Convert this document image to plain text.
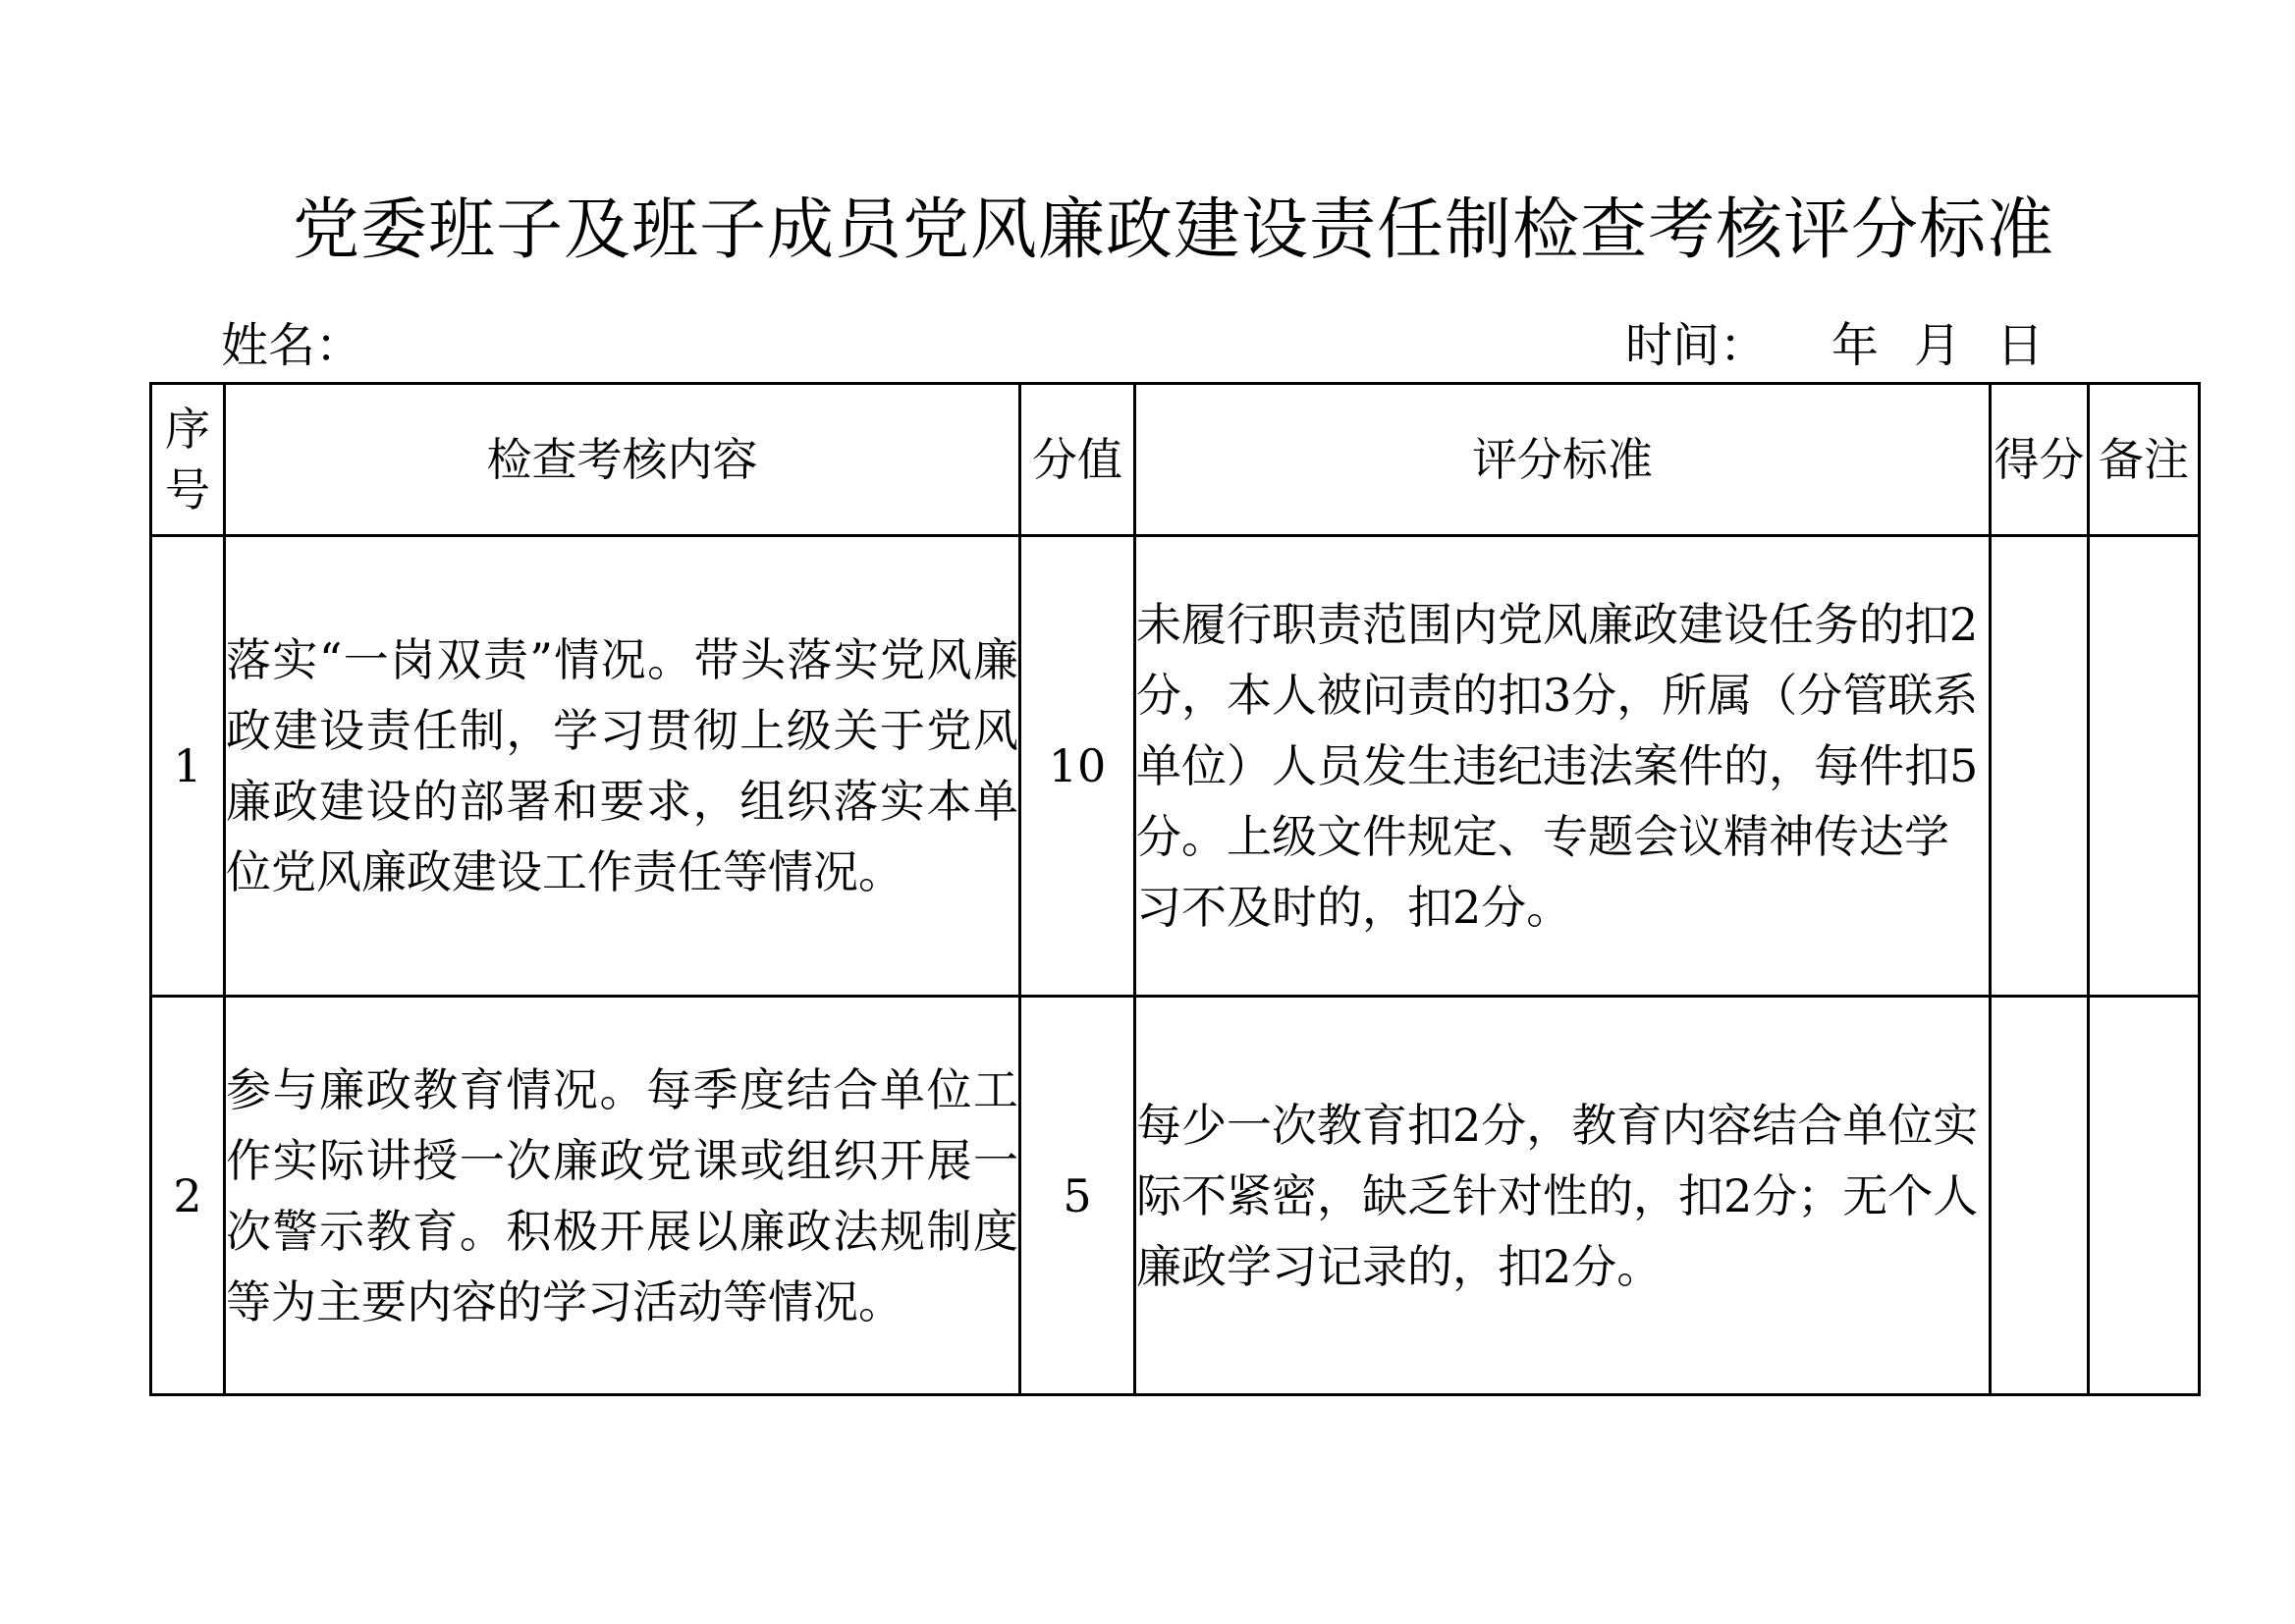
党委班子及班子成员党风廉政建设责任制检查考核评分标准
姓名：	时间： 年 月 日
序
号	检查考核内容	分值	评分标准	得分	备注
1	落实“一岗双责”情况。带头落实党风廉政建设责任制，学习贯彻上级关于党风廉政建设的部署和要求，组织落实本单位党风廉政建设工作责任等情况。	10	未履行职责范围内党风廉政建设任务的扣2分，本人被问责的扣3分，所属（分管联系单位）人员发生违纪违法案件的，每件扣5分。上级文件规定、专题会议精神传达学习不及时的，扣2分。		
2	参与廉政教育情况。每季度结合单位工作实际讲授一次廉政党课或组织开展一次警示教育。积极开展以廉政法规制度等为主要内容的学习活动等情况。	5	每少一次教育扣2分，教育内容结合单位实际不紧密，缺乏针对性的，扣2分；无个人廉政学习记录的，扣2分。		
